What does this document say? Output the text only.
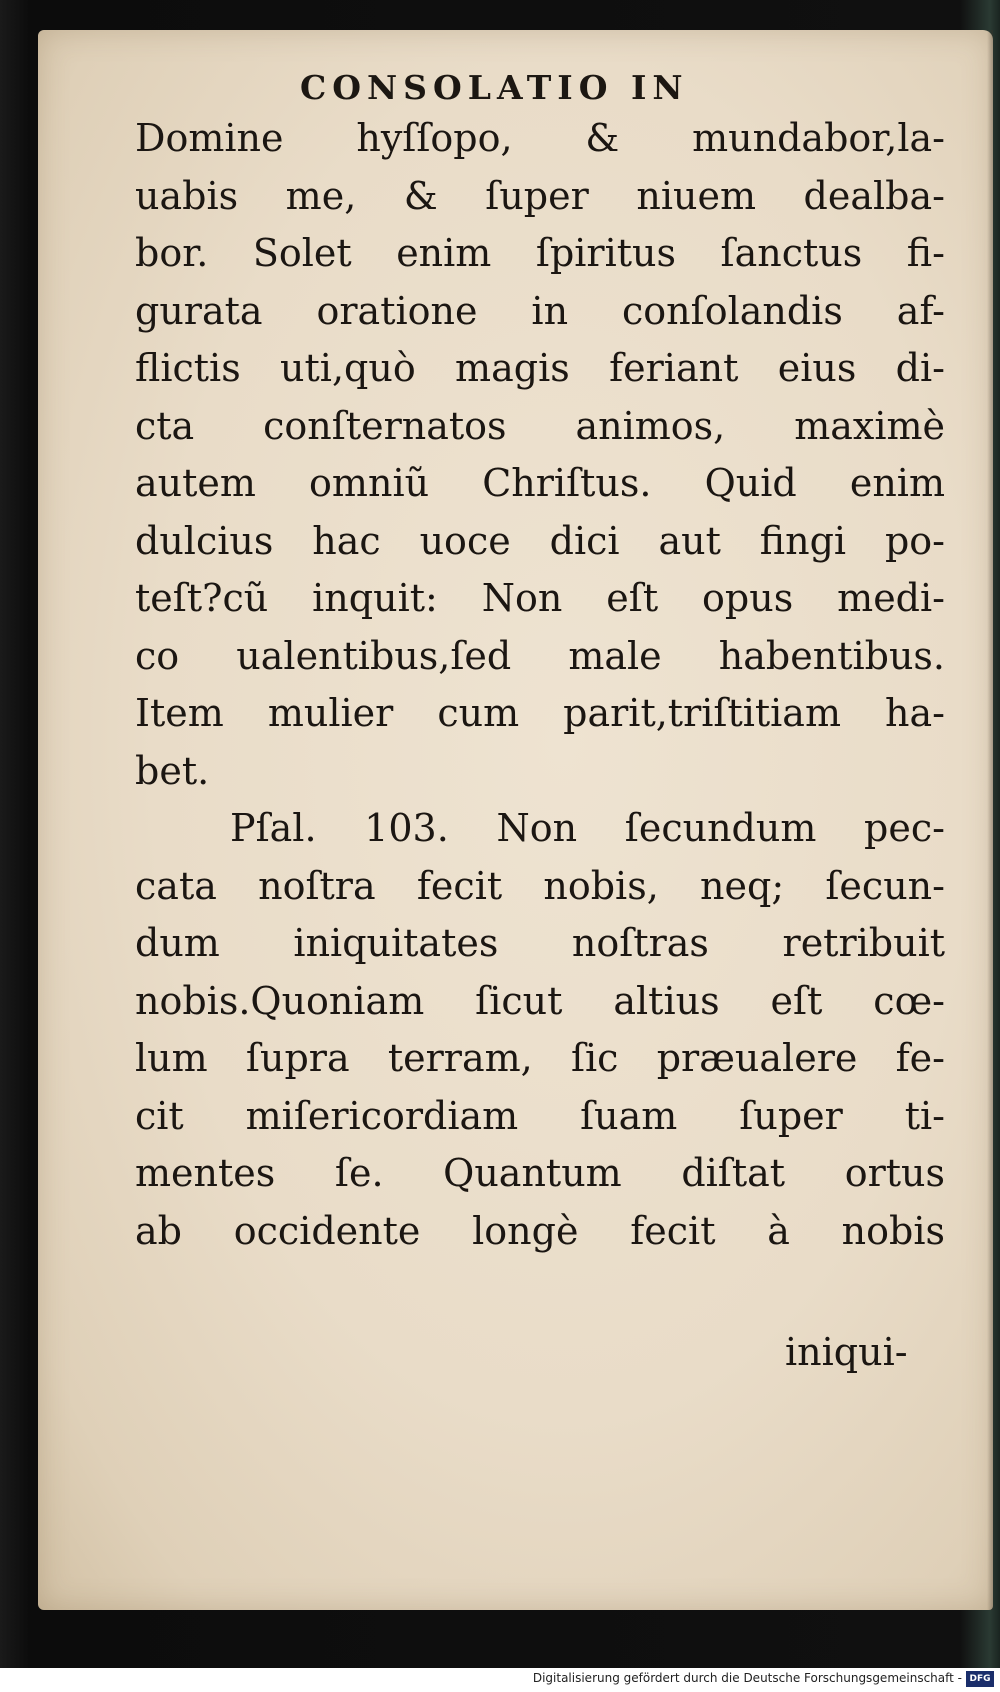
CONSOLATIO IN
Domine hyſſopo, & mundabor,la-
uabis me, & ſuper niuem dealba-
bor. Solet enim ſpiritus ſanctus fi-
gurata oratione in conſolandis af-
flictis uti,quò magis feriant eius di-
cta conſternatos animos, maximè
autem omniũ Chriſtus. Quid enim
dulcius hac uoce dici aut fingi po-
teſt?cũ inquit: Non eſt opus medi-
co ualentibus,ſed male habentibus.
Item mulier cum parit,triſtitiam ha-
bet.
Pſal. 103. Non ſecundum pec-
cata noſtra fecit nobis, neq; ſecun-
dum iniquitates noſtras retribuit
nobis.Quoniam ſicut altius eſt cœ-
lum ſupra terram, ſic præualere fe-
cit miſericordiam ſuam ſuper ti-
mentes ſe. Quantum diſtat ortus
ab occidente longè fecit à nobis
iniqui-
Digitalisierung gefördert durch die Deutsche Forschungsgemeinschaft - DFG
